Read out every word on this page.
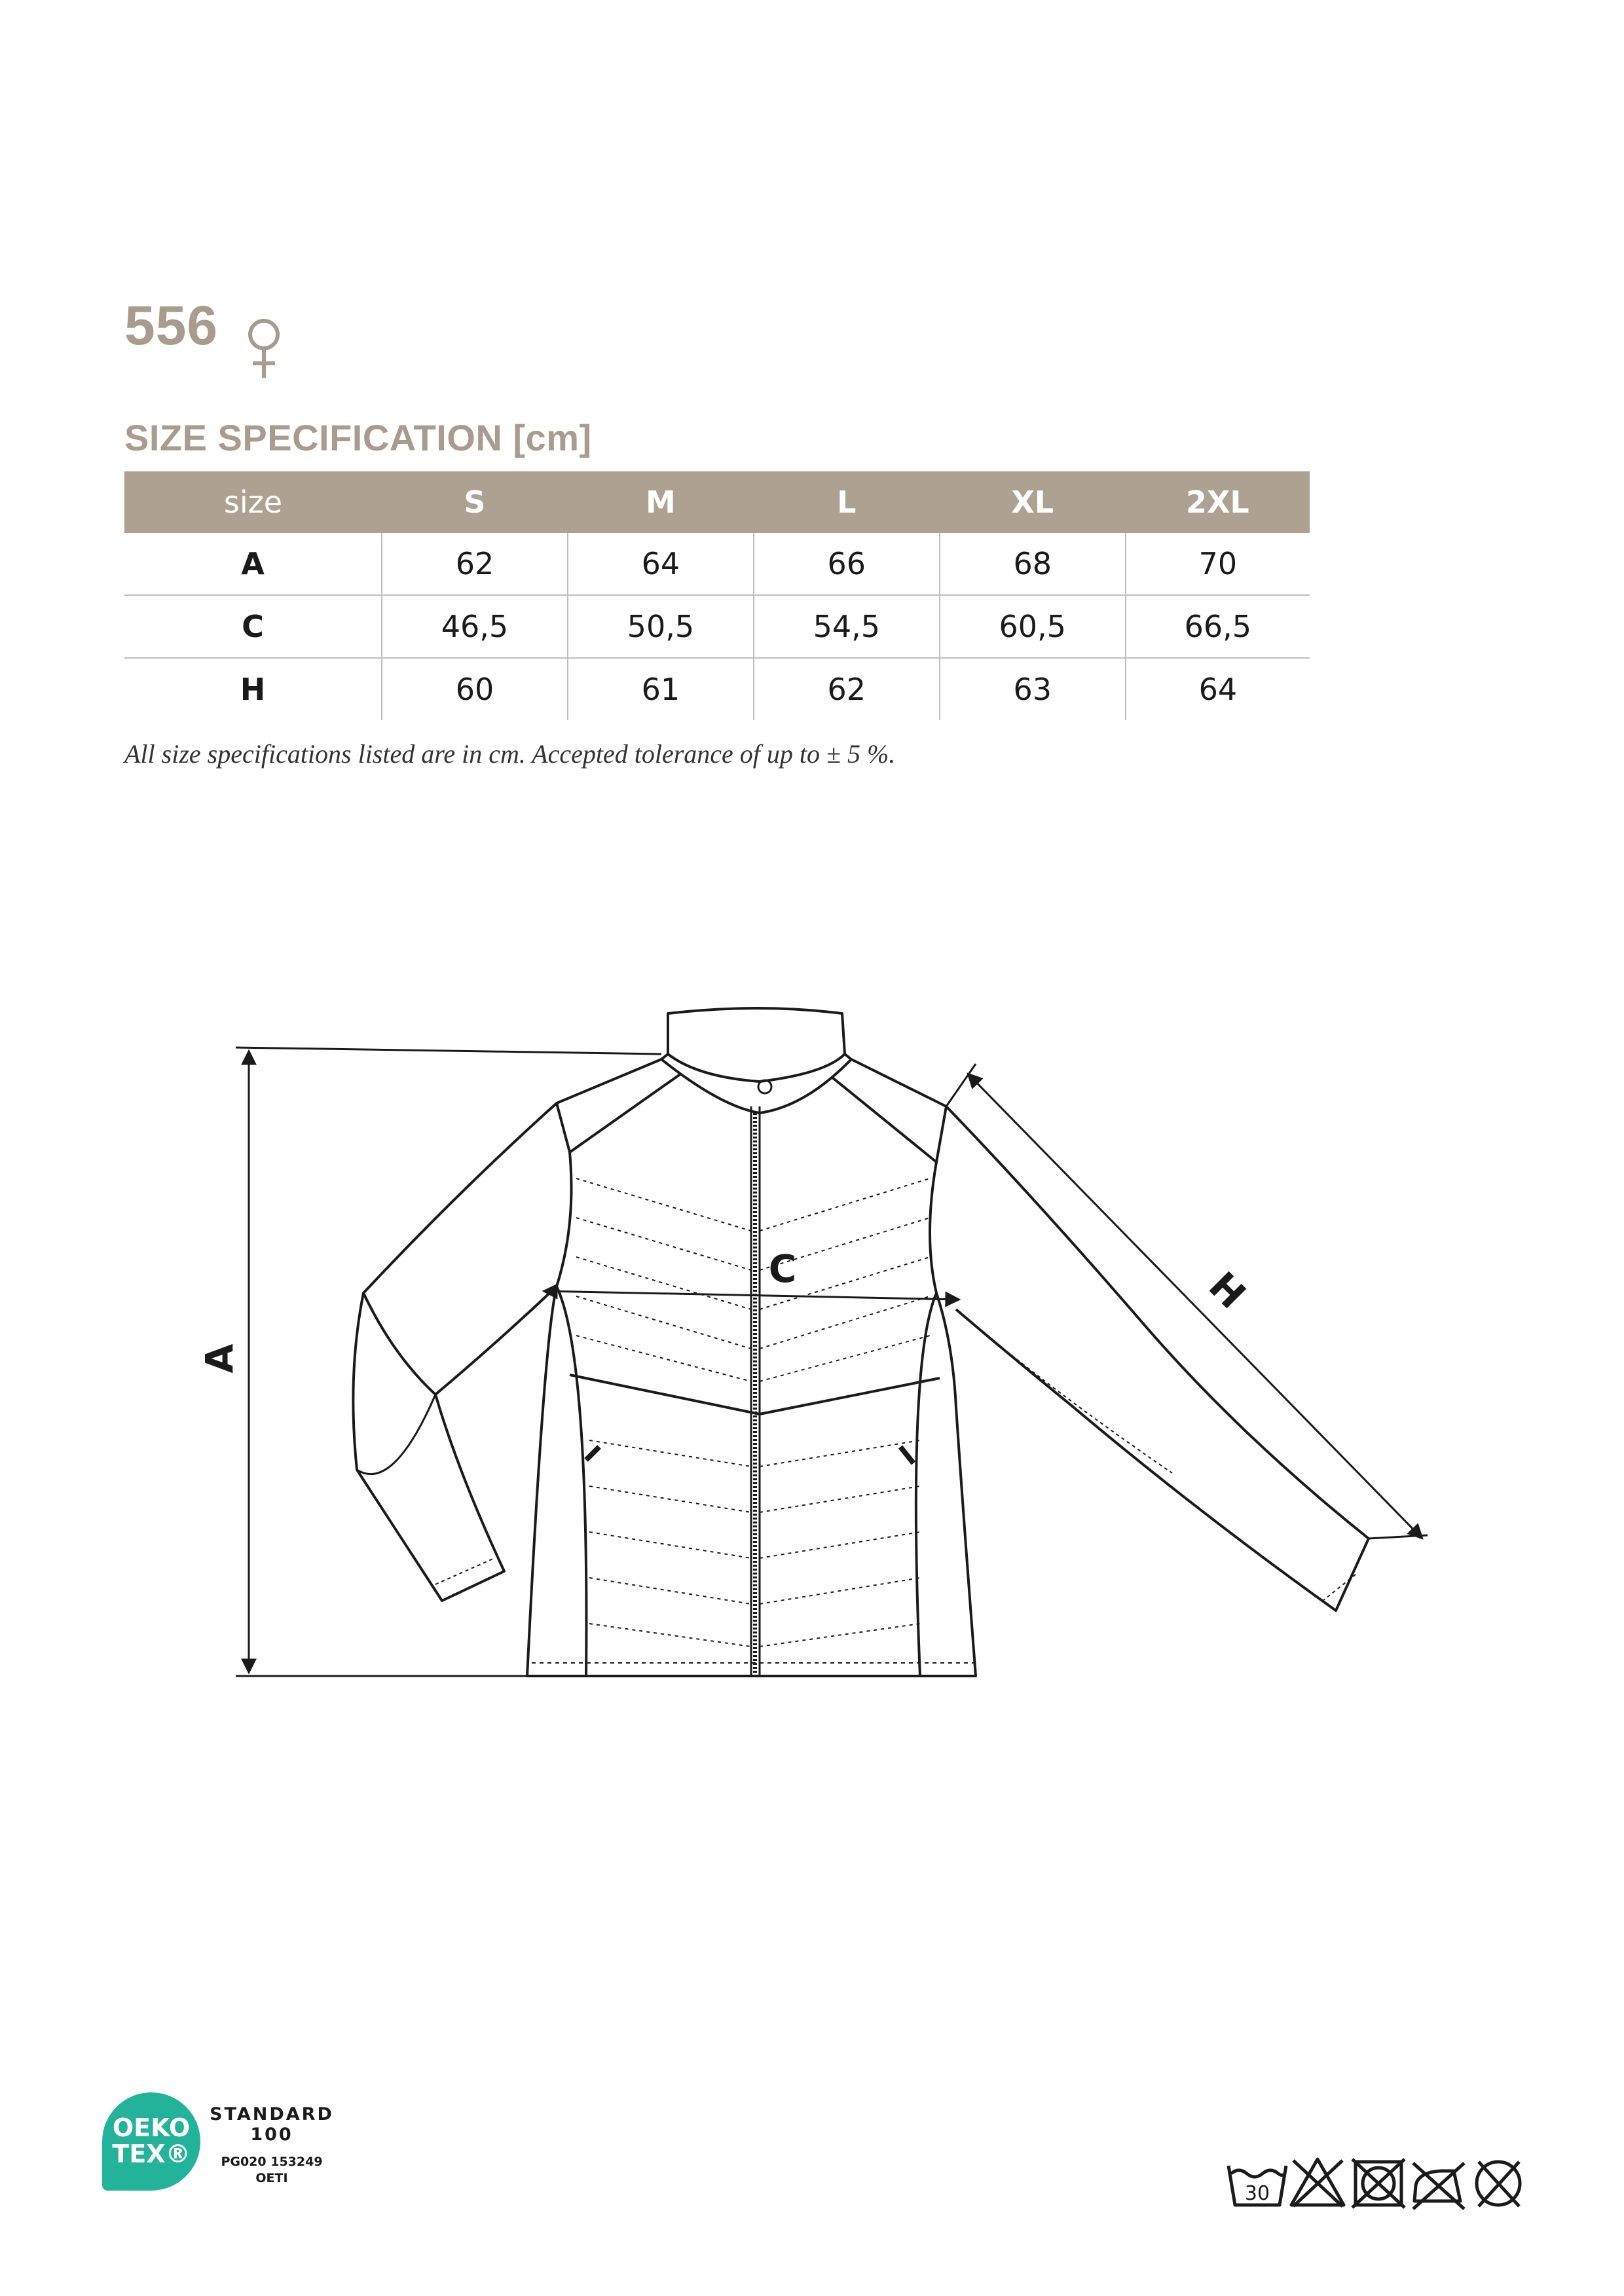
556
SIZE SPECIFICATION [cm]
size	S	M	L	XL	2XL
A	62	64	66	68	70
C	46,5	50,5	54,5	60,5	66,5
H	60	61	62	63	64
All size specifications listed are in cm. Accepted tolerance of up to ± 5 %.
A
C	H
OEKO
TEX®
STANDARD
100
PG020 153249
OETI
30
